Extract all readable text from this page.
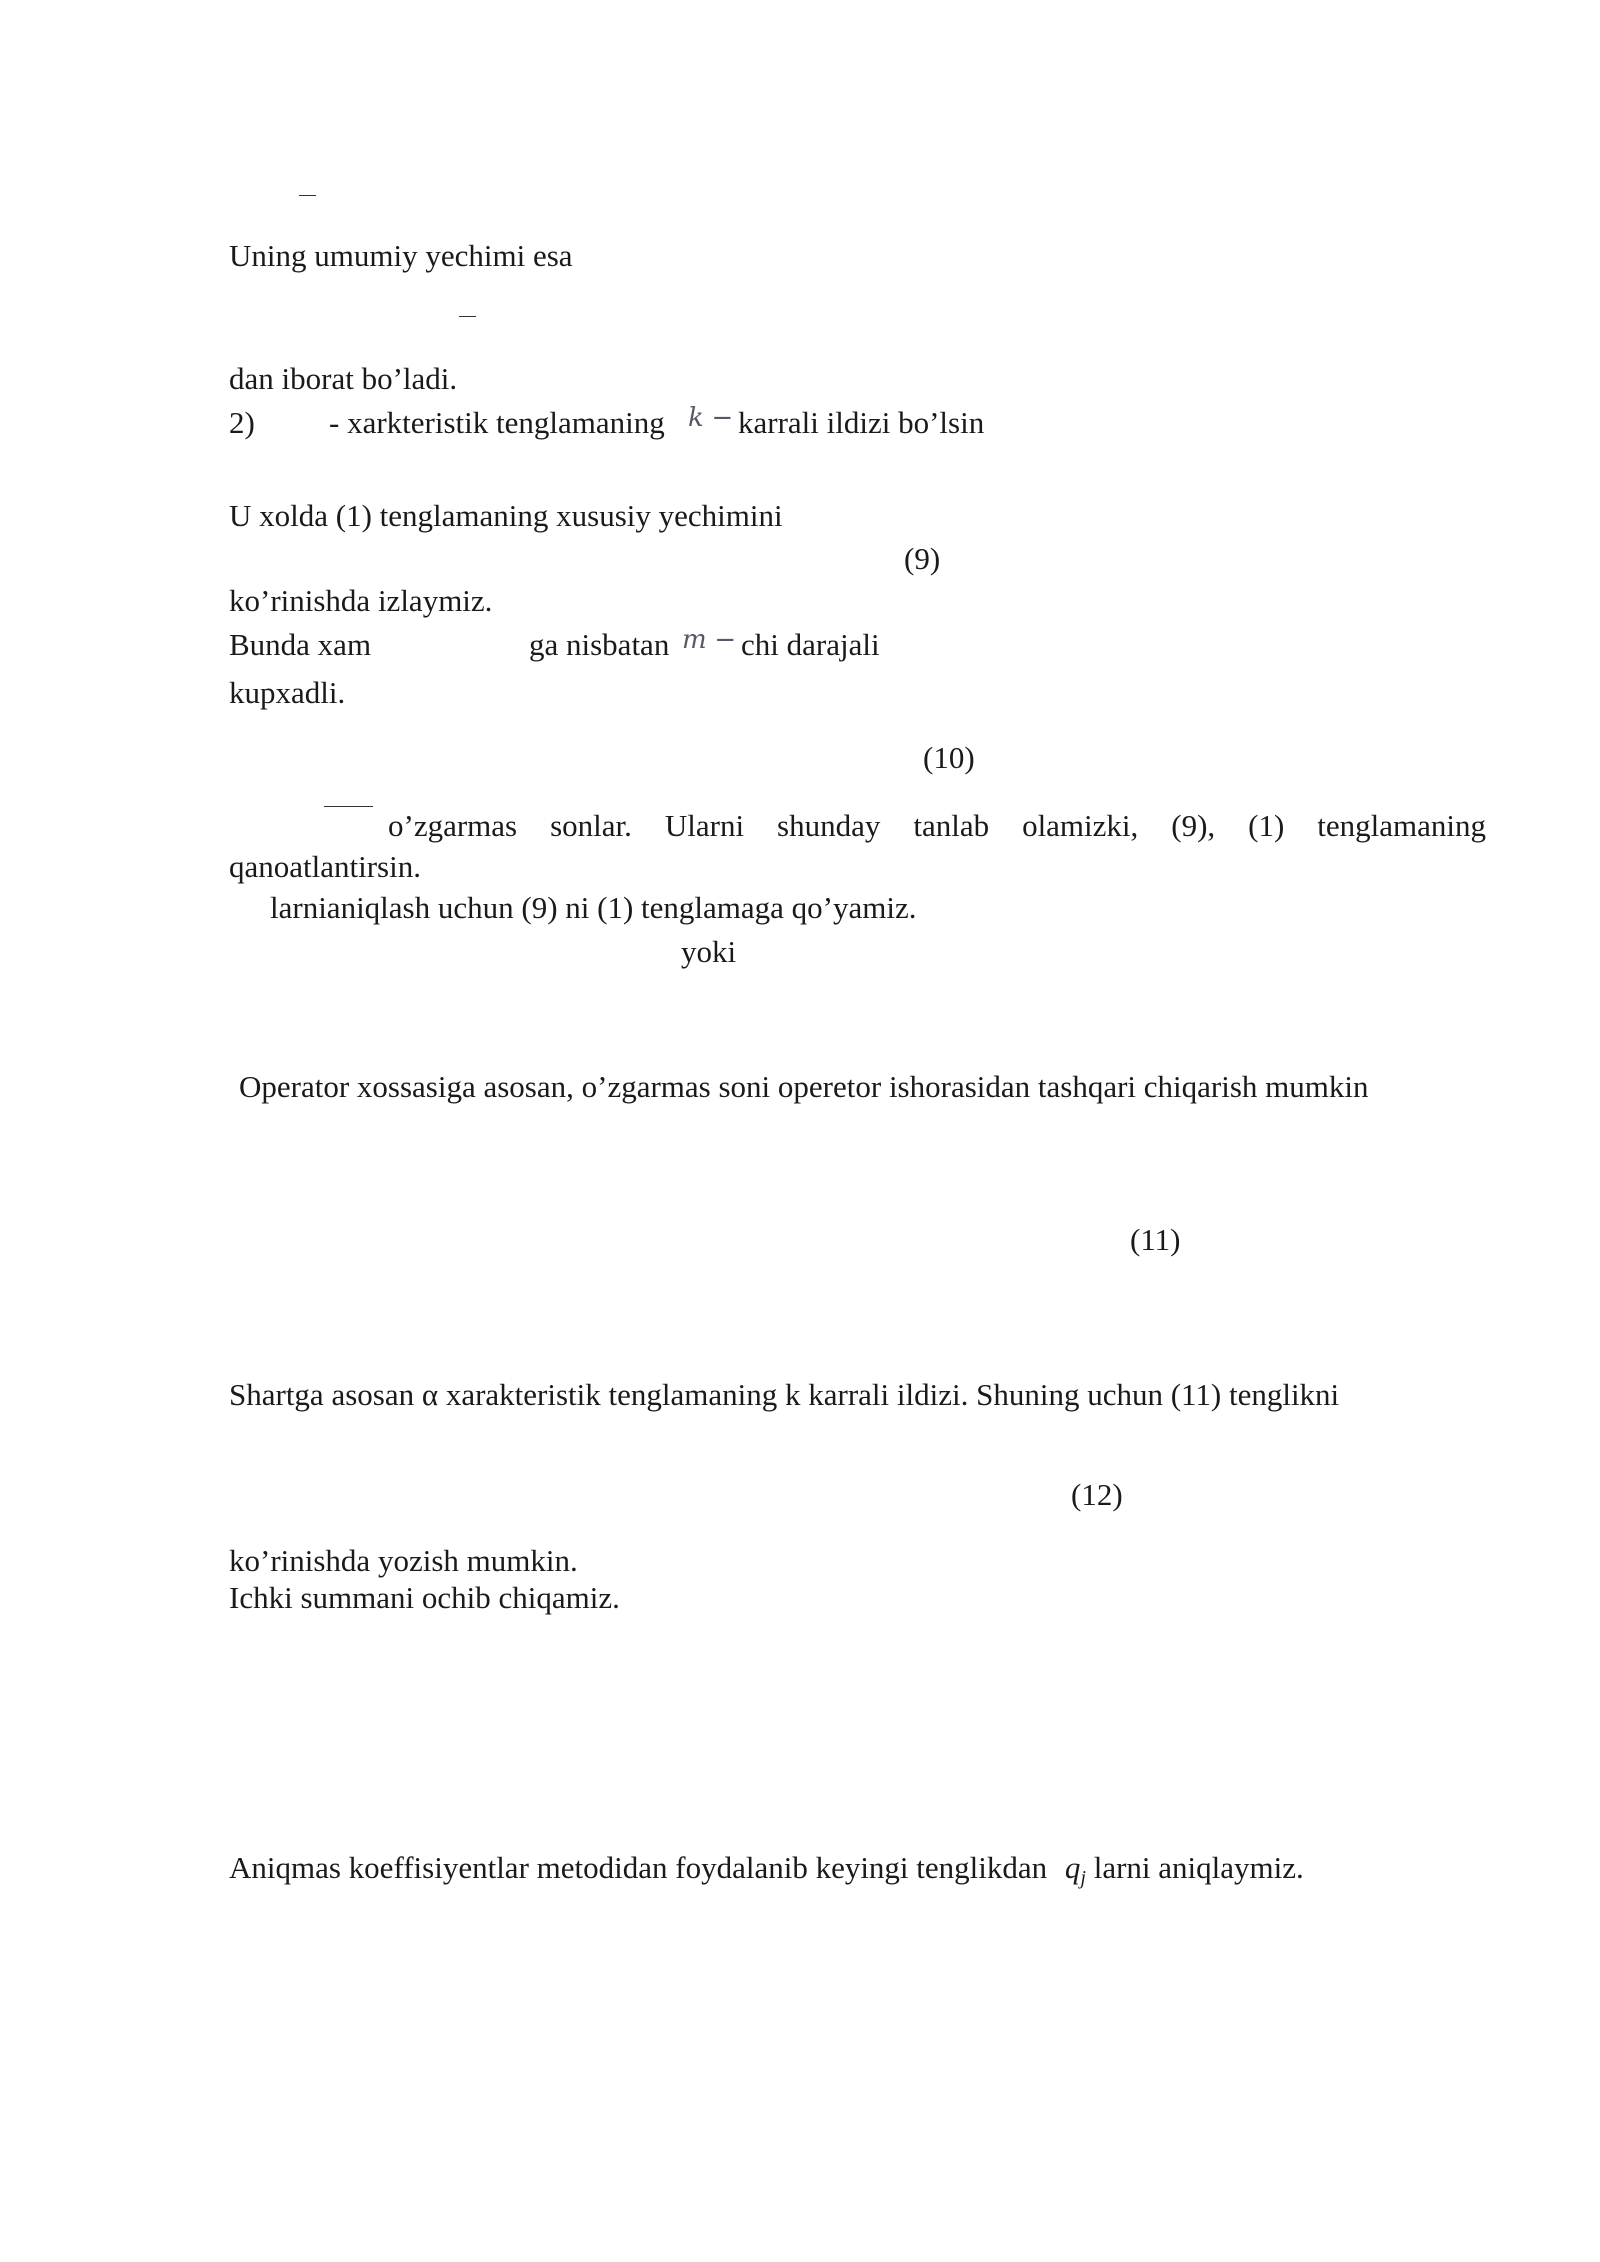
Uning umumiy yechimi esa
dan iborat bo’ladi.
2) - xarkteristik tenglamaning k − karrali ildizi bo’lsin
U xolda (1) tenglamaning xususiy yechimini
(9)
ko’rinishda izlaymiz.
Bunda xam	ga nisbatan m − chi darajali
kupxadli.
(10)
o’zgarmas sonlar. Ularni shunday tanlab olamizki, (9), (1) tenglamaning
qanoatlantirsin.
larnianiqlash uchun (9) ni (1) tenglamaga qo’yamiz.
yoki
Operator xossasiga asosan, o’zgarmas soni operetor ishorasidan tashqari chiqarish mumkin
(11)
Shartga asosan α xarakteristik tenglamaning k karrali ildizi. Shuning uchun (11) tenglikni
(12)
ko’rinishda yozish mumkin.
Ichki summani ochib chiqamiz.
Aniqmas koeffisiyentlar metodidan foydalanib keyingi tenglikdan $q_j$ larni aniqlaymiz.
